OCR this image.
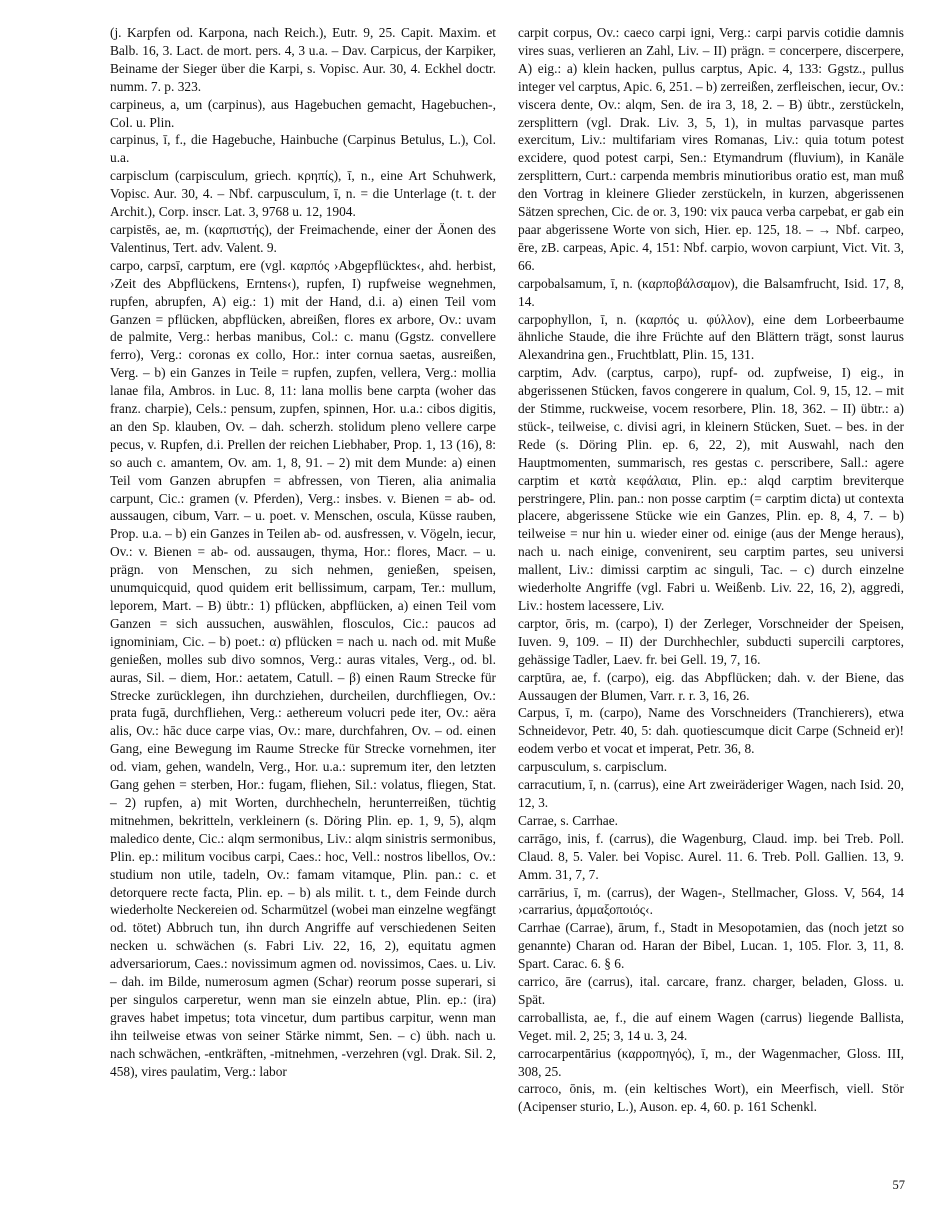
(j. Karpfen od. Karpona, nach Reich.), Eutr. 9, 25. Capit. Maxim. et Balb. 16, 3. Lact. de mort. pers. 4, 3 u.a. – Dav. Carpicus, der Karpiker, Beiname der Sieger über die Karpi, s. Vopisc. Aur. 30, 4. Eckhel doctr. numm. 7. p. 323.

carpineus, a, um (carpinus), aus Hagebuchen gemacht, Hagebuchen-, Col. u. Plin.

carpinus, ī, f., die Hagebuche, Hainbuche (Carpinus Betulus, L.), Col. u.a.

carpisclum (carpisculum, griech. κρηπίς), ī, n., eine Art Schuhwerk, Vopisc. Aur. 30, 4. – Nbf. carpusculum, ī, n. = die Unterlage (t. t. der Archit.), Corp. inscr. Lat. 3, 9768 u. 12, 1904.

carpistēs, ae, m. (καρπιστής), der Freimachende, einer der Äonen des Valentinus, Tert. adv. Valent. 9.

carpo, carpsī, carptum, ere (vgl. καρπός ›Abgepflücktes‹, ahd. herbist, ›Zeit des Abpflückens, Erntens‹), rupfen, I) rupfweise wegnehmen, rupfen, abrupfen, A) eig.: 1) mit der Hand, d.i. a) einen Teil vom Ganzen = pflücken, abpflücken, abreißen, flores ex arbore, Ov.: uvam de palmite, Verg.: herbas manibus, Col.: c. manu (Ggstz. convellere ferro), Verg.: coronas ex collo, Hor.: inter cornua saetas, ausreißen, Verg. – b) ein Ganzes in Teile = rupfen, zupfen, vellera, Verg.: mollia lanae fila, Ambros. in Luc. 8, 11: lana mollis bene carpta (woher das franz. charpie), Cels.: pensum, zupfen, spinnen, Hor. u.a.: cibos digitis, an den Sp. klauben, Ov. – dah. scherzh. stolidum pleno vellere carpe pecus, v. Rupfen, d.i. Prellen der reichen Liebhaber, Prop. 1, 13 (16), 8: so auch c. amantem, Ov. am. 1, 8, 91. – 2) mit dem Munde: a) einen Teil vom Ganzen abrupfen = abfressen, von Tieren, alia animalia carpunt, Cic.: gramen (v. Pferden), Verg.: insbes. v. Bienen = ab- od. aussaugen, cibum, Varr. – u. poet. v. Menschen, oscula, Küsse rauben, Prop. u.a. – b) ein Ganzes in Teilen ab- od. ausfressen, v. Vögeln, iecur, Ov.: v. Bienen = ab- od. aussaugen, thyma, Hor.: flores, Macr. – u. prägn. von Menschen, zu sich nehmen, genießen, speisen, unumquicquid, quod quidem erit bellissimum, carpam, Ter.: mullum, leporem, Mart. – B) übtr.: 1) pflücken, abpflücken, a) einen Teil vom Ganzen = sich aussuchen, auswählen, flosculos, Cic.: paucos ad ignominiam, Cic. – b) poet.: α) pflücken = nach u. nach od. mit Muße genießen, molles sub divo somnos, Verg.: auras vitales, Verg., od. bl. auras, Sil. – diem, Hor.: aetatem, Catull. – β) einen Raum Strecke für Strecke zurücklegen, ihn durchziehen, durcheilen, durchfliegen, Ov.: prata fugā, durchfliehen, Verg.: aethereum volucri pede iter, Ov.: aëra alis, Ov.: hāc duce carpe vias, Ov.: mare, durchfahren, Ov. – od. einen Gang, eine Bewegung im Raume Strecke für Strecke vornehmen, iter od. viam, gehen, wandeln, Verg., Hor. u.a.: supremum iter, den letzten Gang gehen = sterben, Hor.: fugam, fliehen, Sil.: volatus, fliegen, Stat. – 2) rupfen, a) mit Worten, durchhecheln, herunterreißen, tüchtig mitnehmen, bekritteln, verkleinern (s. Döring Plin. ep. 1, 9, 5), alqm maledico dente, Cic.: alqm sermonibus, Liv.: alqm sinistris sermonibus, Plin. ep.: militum vocibus carpi, Caes.: hoc, Vell.: nostros libellos, Ov.: studium non utile, tadeln, Ov.: famam vitamque, Plin. pan.: c. et detorquere recte facta, Plin. ep. – b) als milit. t. t., dem Feinde durch wiederholte Neckereien od. Scharmützel (wobei man einzelne wegfängt od. tötet) Abbruch tun, ihn durch Angriffe auf verschiedenen Seiten necken u. schwächen (s. Fabri Liv. 22, 16, 2), equitatu agmen adversariorum, Caes.: novissimum agmen od. novissimos, Caes. u. Liv. – dah. im Bilde, numerosum agmen (Schar) reorum posse superari, si per singulos carperetur, wenn man sie einzeln abtue, Plin. ep.: (ira) graves habet impetus; tota vincetur, dum partibus carpitur, wenn man ihn teilweise etwas von seiner Stärke nimmt, Sen. – c) übh. nach u. nach schwächen, -entkräften, -mitnehmen, -verzehren (vgl. Drak. Sil. 2, 458), vires paulatim, Verg.: labor

carpit corpus, Ov.: caeco carpi igni, Verg.: carpi parvis cotidie damnis vires suas, verlieren an Zahl, Liv. – II) prägn. = concerpere, discerpere, A) eig.: a) klein hacken, pullus carptus, Apic. 4, 133: Ggstz., pullus integer vel carptus, Apic. 6, 251. – b) zerreißen, zerfleischen, iecur, Ov.: viscera dente, Ov.: alqm, Sen. de ira 3, 18, 2. – B) übtr., zerstückeln, zersplittern (vgl. Drak. Liv. 3, 5, 1), in multas parvasque partes exercitum, Liv.: multifariam vires Romanas, Liv.: quia totum potest excidere, quod potest carpi, Sen.: Etymandrum (fluvium), in Kanäle zersplittern, Curt.: carpenda membris minutioribus oratio est, man muß den Vortrag in kleinere Glieder zerstückeln, in kurzen, abgerissenen Sätzen sprechen, Cic. de or. 3, 190: vix pauca verba carpebat, er gab ein paar abgerissene Worte von sich, Hier. ep. 125, 18. – → Nbf. carpeo, ēre, zB. carpeas, Apic. 4, 151: Nbf. carpio, wovon carpiunt, Vict. Vit. 3, 66.

carpobalsamum, ī, n. (καρποβάλσαμον), die Balsamfrucht, Isid. 17, 8, 14.

carpophyllon, ī, n. (καρπός u. φύλλον), eine dem Lorbeerbaume ähnliche Staude, die ihre Früchte auf den Blättern trägt, sonst laurus Alexandrina gen., Fruchtblatt, Plin. 15, 131.

carptim, Adv. (carptus, carpo), rupf- od. zupfweise, I) eig., in abgerissenen Stücken, favos congerere in qualum, Col. 9, 15, 12. – mit der Stimme, ruckweise, vocem resorbere, Plin. 18, 362. – II) übtr.: a) stück-, teilweise, c. divisi agri, in kleinern Stücken, Suet. – bes. in der Rede (s. Döring Plin. ep. 6, 22, 2), mit Auswahl, nach den Hauptmomenten, summarisch, res gestas c. perscribere, Sall.: agere carptim et κατὰ κεφάλαια, Plin. ep.: alqd carptim breviterque perstringere, Plin. pan.: non posse carptim (= carptim dicta) ut contexta placere, abgerissene Stücke wie ein Ganzes, Plin. ep. 8, 4, 7. – b) teilweise = nur hin u. wieder einer od. einige (aus der Menge heraus), nach u. nach einige, convenirent, seu carptim partes, seu universi mallent, Liv.: dimissi carptim ac singuli, Tac. – c) durch einzelne wiederholte Angriffe (vgl. Fabri u. Weißenb. Liv. 22, 16, 2), aggredi, Liv.: hostem lacessere, Liv.

carptor, ōris, m. (carpo), I) der Zerleger, Vorschneider der Speisen, Iuven. 9, 109. – II) der Durchhechler, subducti supercili carptores, gehässige Tadler, Laev. fr. bei Gell. 19, 7, 16.

carptūra, ae, f. (carpo), eig. das Abpflücken; dah. v. der Biene, das Aussaugen der Blumen, Varr. r. r. 3, 16, 26.

Carpus, ī, m. (carpo), Name des Vorschneiders (Tranchierers), etwa Schneidevor, Petr. 40, 5: dah. quotiescumque dicit Carpe (Schneid er)! eodem verbo et vocat et imperat, Petr. 36, 8.

carpusculum, s. carpisclum.

carracutium, ī, n. (carrus), eine Art zweiräderiger Wagen, nach Isid. 20, 12, 3.

Carrae, s. Carrhae.

carrāgo, inis, f. (carrus), die Wagenburg, Claud. imp. bei Treb. Poll. Claud. 8, 5. Valer. bei Vopisc. Aurel. 11. 6. Treb. Poll. Gallien. 13, 9. Amm. 31, 7, 7.

carrārius, ī, m. (carrus), der Wagen-, Stellmacher, Gloss. V, 564, 14 ›carrarius, ἁρμαξοποιός‹.

Carrhae (Carrae), ārum, f., Stadt in Mesopotamien, das (noch jetzt so genannte) Charan od. Haran der Bibel, Lucan. 1, 105. Flor. 3, 11, 8. Spart. Carac. 6. § 6.

carrico, āre (carrus), ital. carcare, franz. charger, beladen, Gloss. u. Spät.

carroballista, ae, f., die auf einem Wagen (carrus) liegende Ballista, Veget. mil. 2, 25; 3, 14 u. 3, 24.

carrocarpentārius (καρροπηγός), ī, m., der Wagenmacher, Gloss. III, 308, 25.

carroco, ōnis, m. (ein keltisches Wort), ein Meerfisch, viell. Stör (Acipenser sturio, L.), Auson. ep. 4, 60. p. 161 Schenkl.

57
